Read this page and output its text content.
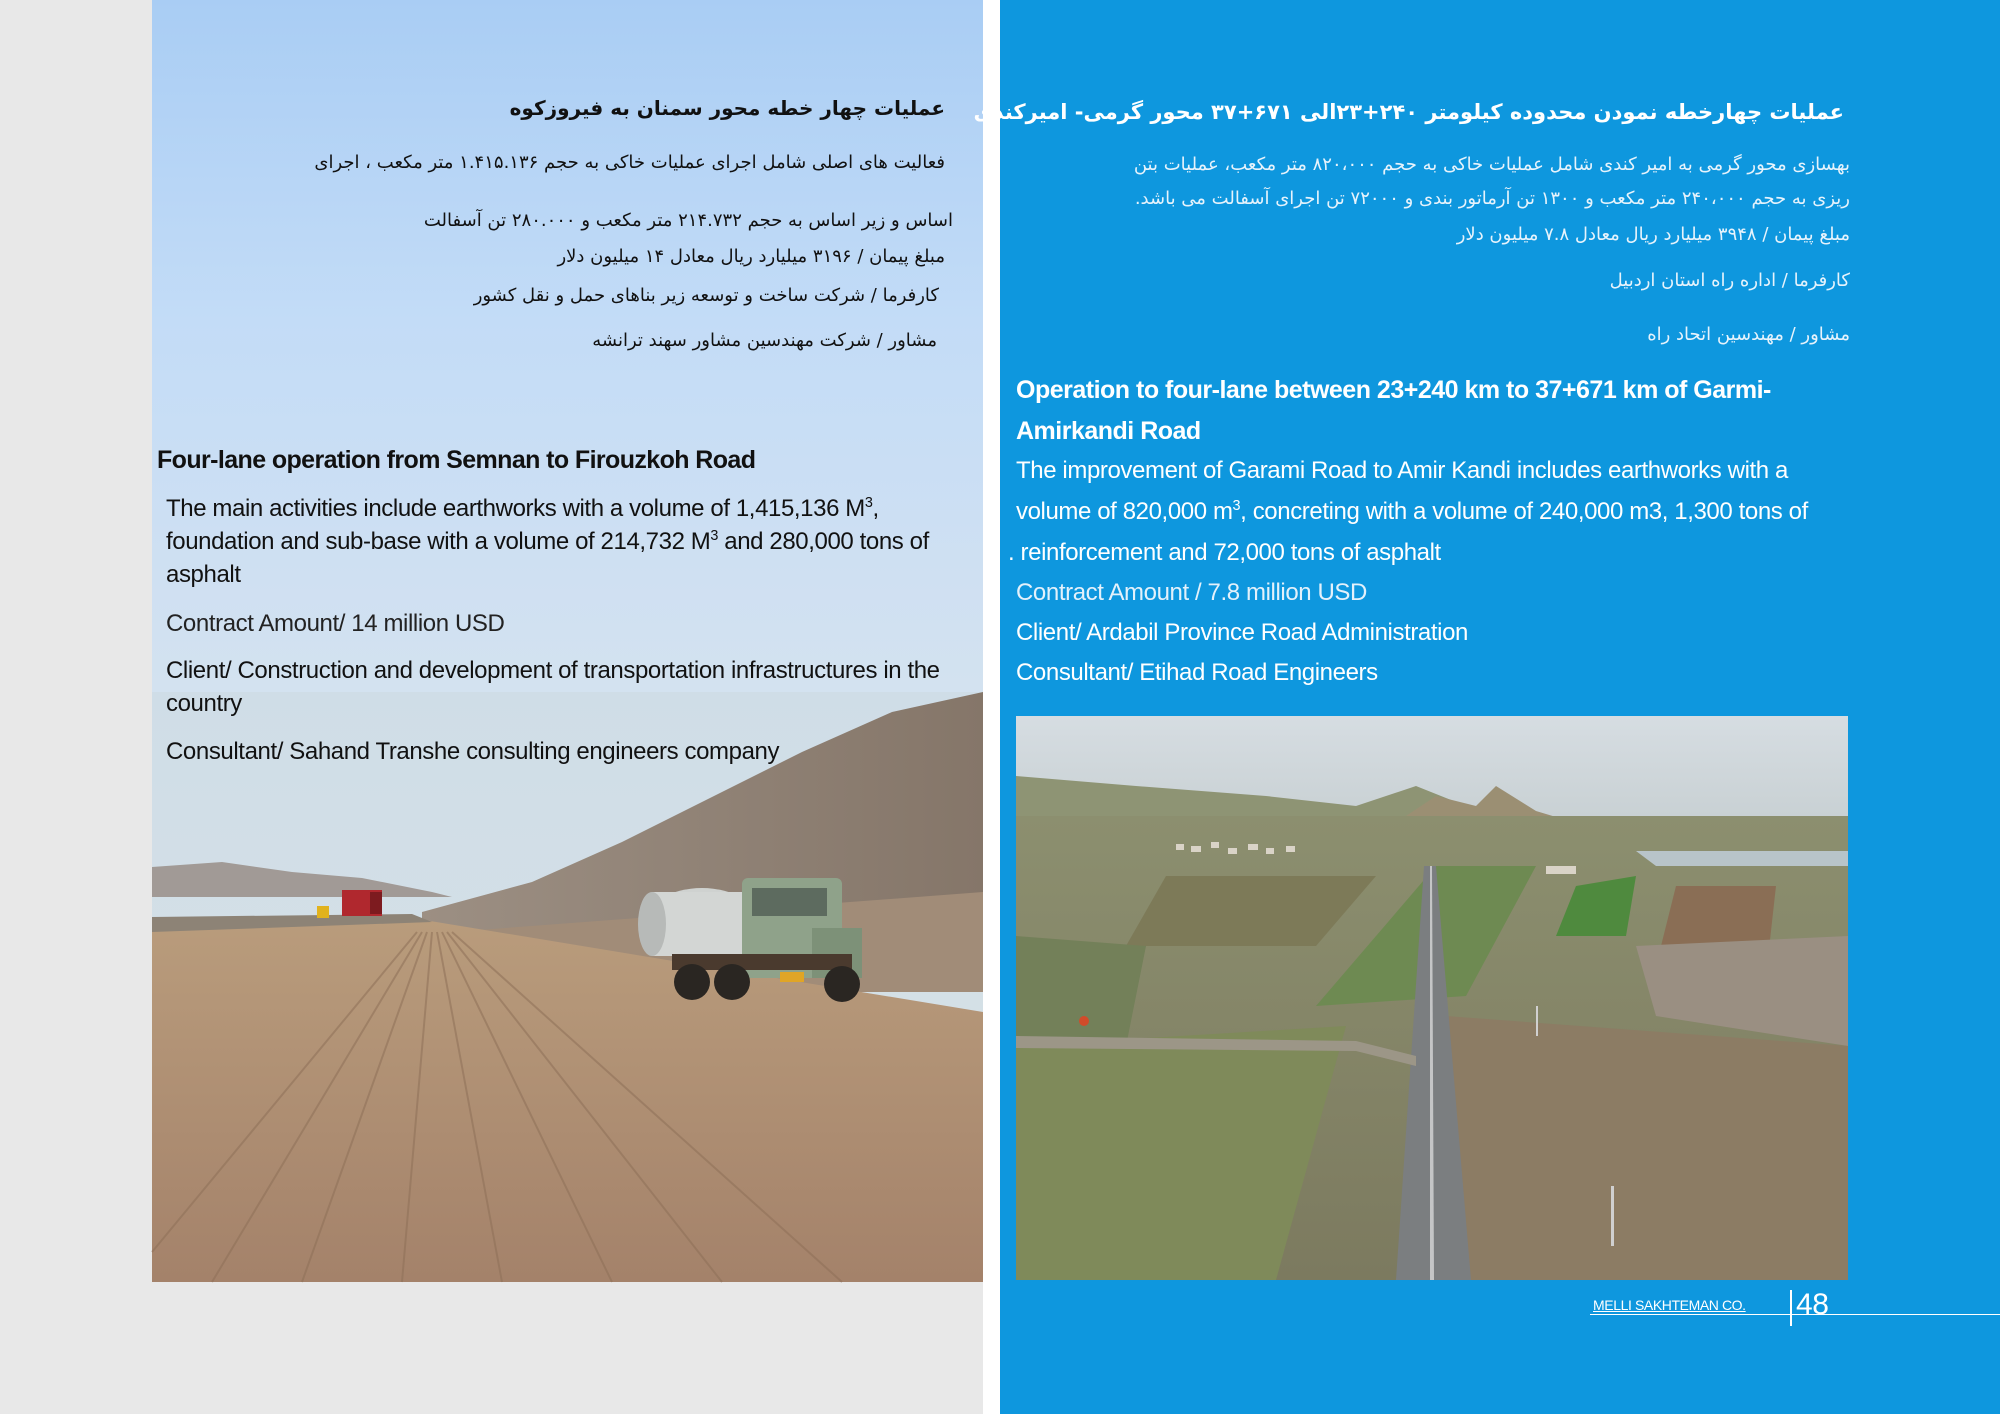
عملیات چهار خطه محور سمنان به فیروزکوه
فعالیت های اصلی شامل اجرای عملیات خاکی به حجم ۱.۴۱۵.۱۳۶ متر مکعب ، اجرای
اساس و زیر اساس به حجم ۲۱۴.۷۳۲ متر مکعب و ۲۸۰.۰۰۰ تن آسفالت
مبلغ پیمان / ۳۱۹۶ میلیارد ریال معادل ۱۴ میلیون دلار
کارفرما / شرکت ساخت و توسعه زیر بناهای حمل و نقل کشور
مشاور / شرکت مهندسین مشاور سهند ترانشه
Four-lane operation from Semnan to Firouzkoh Road
The main activities include earthworks with a volume of 1,415,136 $M^3$, foundation and sub-base with a volume of 214,732 $M^3$ and 280,000 tons of asphalt
Contract Amount/ 14 million USD
Client/ Construction and development of transportation infrastructures in the country
Consultant/ Sahand Transhe consulting engineers company
عملیات چهارخطه نمودن محدوده کیلومتر ۲۴۰+۲۳الی ۶۷۱+۳۷ محور گرمی- امیرکندی
بهسازی محور گرمی به امیر کندی شامل عملیات خاکی به حجم ۸۲۰،۰۰۰ متر مکعب، عملیات بتن
ریزی به حجم ۲۴۰،۰۰۰ متر مکعب و ۱۳۰۰ تن آرماتور بندی و ۷۲۰۰۰ تن اجرای آسفالت می باشد.
مبلغ پیمان / ۳۹۴۸ میلیارد ریال معادل ۷.۸ میلیون دلار
کارفرما / اداره راه استان اردبیل
مشاور / مهندسین اتحاد راه
Operation to four-lane between 23+240 km to 37+671 km of Garmi-Amirkandi Road
The improvement of Garami Road to Amir Kandi includes earthworks with a volume of 820,000 $m^3$, concreting with a volume of 240,000 m3, 1,300 tons of
. reinforcement and 72,000 tons of asphalt
Contract Amount / 7.8 million USD
Client/ Ardabil Province Road Administration
Consultant/ Etihad Road Engineers
MELLI SAKHTEMAN CO. 48
